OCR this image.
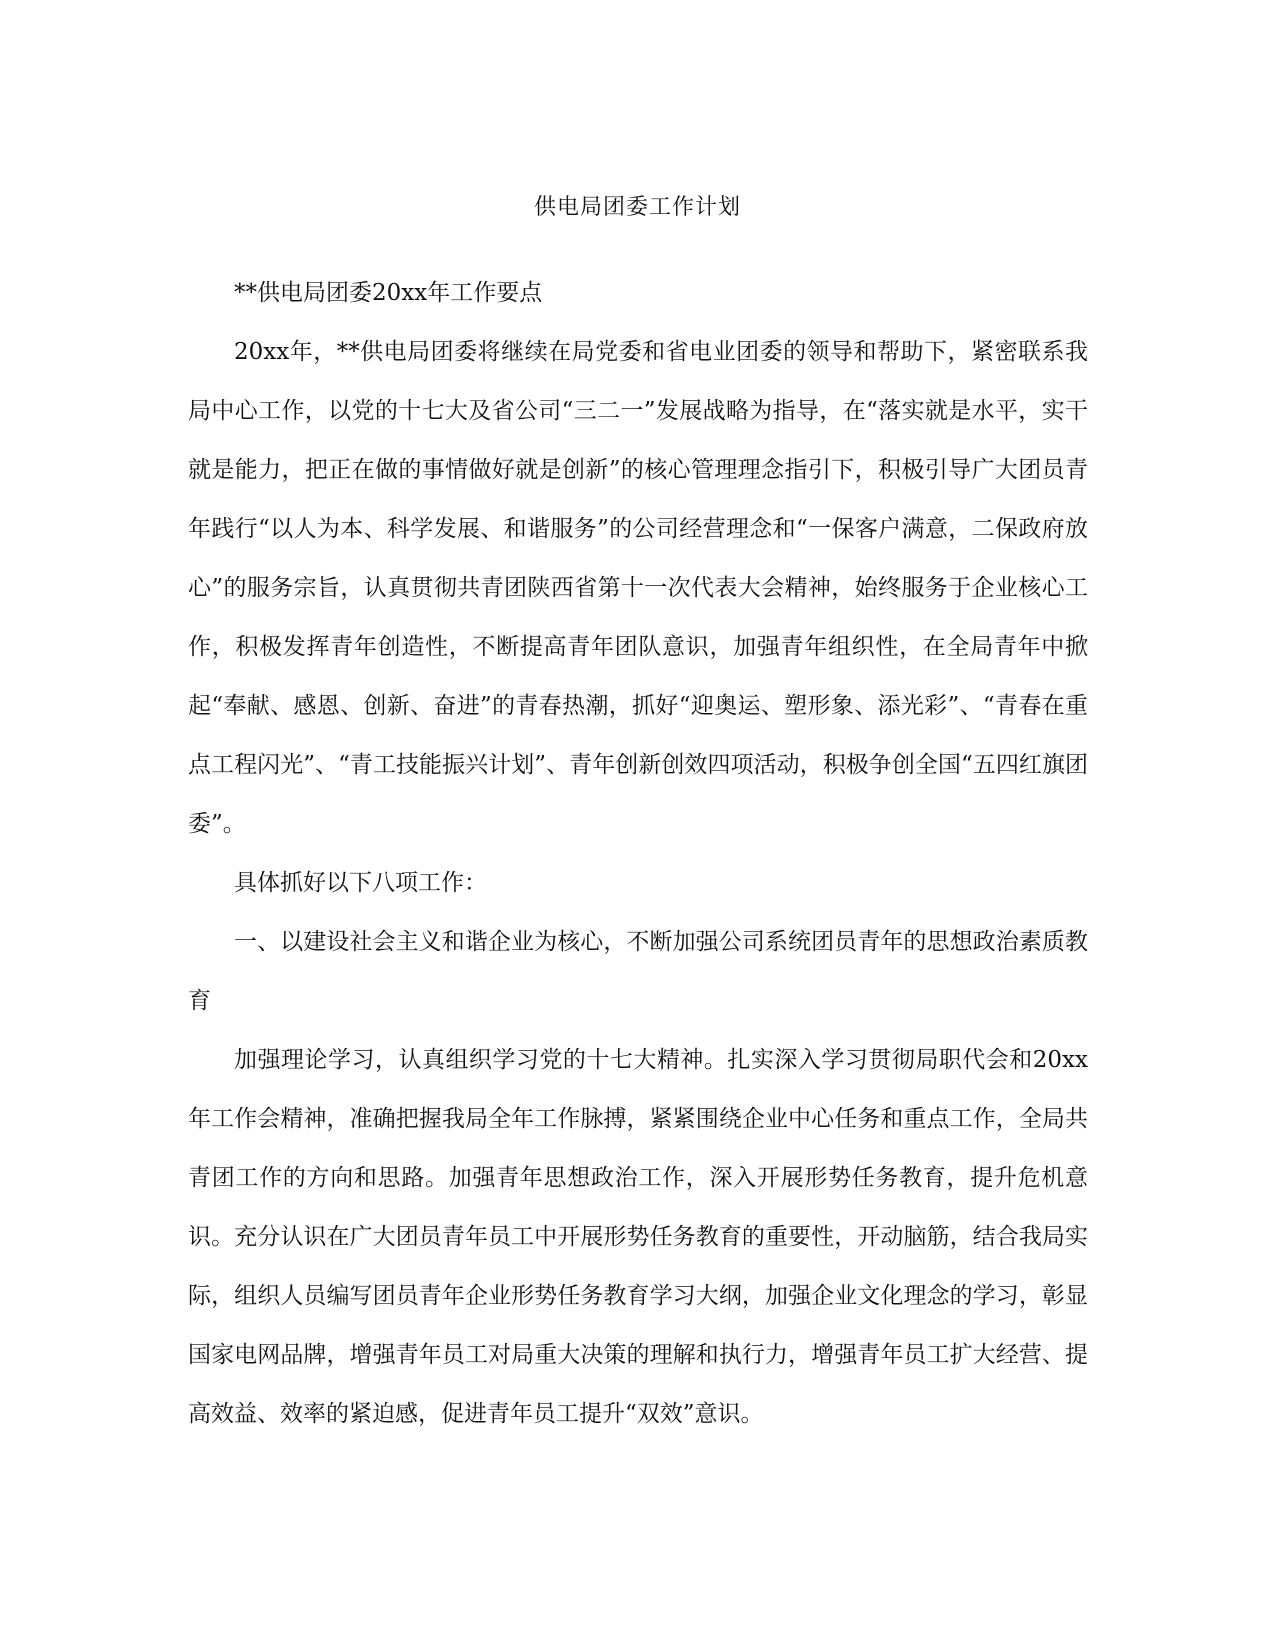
供电局团委工作计划

**供电局团委20xx年工作要点

20xx年，**供电局团委将继续在局党委和省电业团委的领导和帮助下，紧密联系我局中心工作，以党的十七大及省公司“三二一”发展战略为指导，在“落实就是水平，实干就是能力，把正在做的事情做好就是创新”的核心管理理念指引下，积极引导广大团员青年践行“以人为本、科学发展、和谐服务”的公司经营理念和“一保客户满意，二保政府放心”的服务宗旨，认真贯彻共青团陕西省第十一次代表大会精神，始终服务于企业核心工作，积极发挥青年创造性，不断提高青年团队意识，加强青年组织性，在全局青年中掀起“奉献、感恩、创新、奋进”的青春热潮，抓好“迎奥运、塑形象、添光彩”、“青春在重点工程闪光”、“青工技能振兴计划”、青年创新创效四项活动，积极争创全国“五四红旗团委”。

具体抓好以下八项工作：

一、以建设社会主义和谐企业为核心，不断加强公司系统团员青年的思想政治素质教育

加强理论学习，认真组织学习党的十七大精神。扎实深入学习贯彻局职代会和20xx年工作会精神，准确把握我局全年工作脉搏，紧紧围绕企业中心任务和重点工作，全局共青团工作的方向和思路。加强青年思想政治工作，深入开展形势任务教育，提升危机意识。充分认识在广大团员青年员工中开展形势任务教育的重要性，开动脑筋，结合我局实际，组织人员编写团员青年企业形势任务教育学习大纲，加强企业文化理念的学习，彰显国家电网品牌，增强青年员工对局重大决策的理解和执行力，增强青年员工扩大经营、提高效益、效率的紧迫感，促进青年员工提升“双效”意识。
